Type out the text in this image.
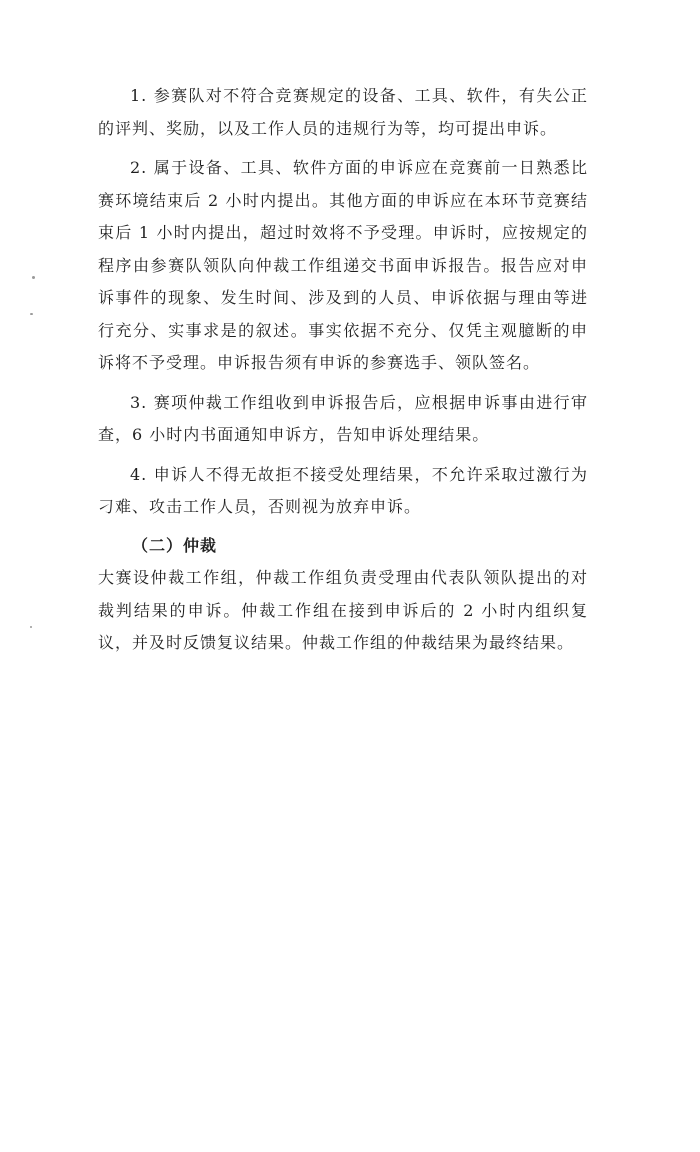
1. 参赛队对不符合竞赛规定的设备、工具、软件，有失公正的评判、奖励，以及工作人员的违规行为等，均可提出申诉。

2. 属于设备、工具、软件方面的申诉应在竞赛前一日熟悉比赛环境结束后 2 小时内提出。其他方面的申诉应在本环节竞赛结束后 1 小时内提出，超过时效将不予受理。申诉时，应按规定的程序由参赛队领队向仲裁工作组递交书面申诉报告。报告应对申诉事件的现象、发生时间、涉及到的人员、申诉依据与理由等进行充分、实事求是的叙述。事实依据不充分、仅凭主观臆断的申诉将不予受理。申诉报告须有申诉的参赛选手、领队签名。

3. 赛项仲裁工作组收到申诉报告后，应根据申诉事由进行审查，6 小时内书面通知申诉方，告知申诉处理结果。

4. 申诉人不得无故拒不接受处理结果，不允许采取过激行为刁难、攻击工作人员，否则视为放弃申诉。

（二）仲裁

大赛设仲裁工作组，仲裁工作组负责受理由代表队领队提出的对裁判结果的申诉。仲裁工作组在接到申诉后的 2 小时内组织复议，并及时反馈复议结果。仲裁工作组的仲裁结果为最终结果。
